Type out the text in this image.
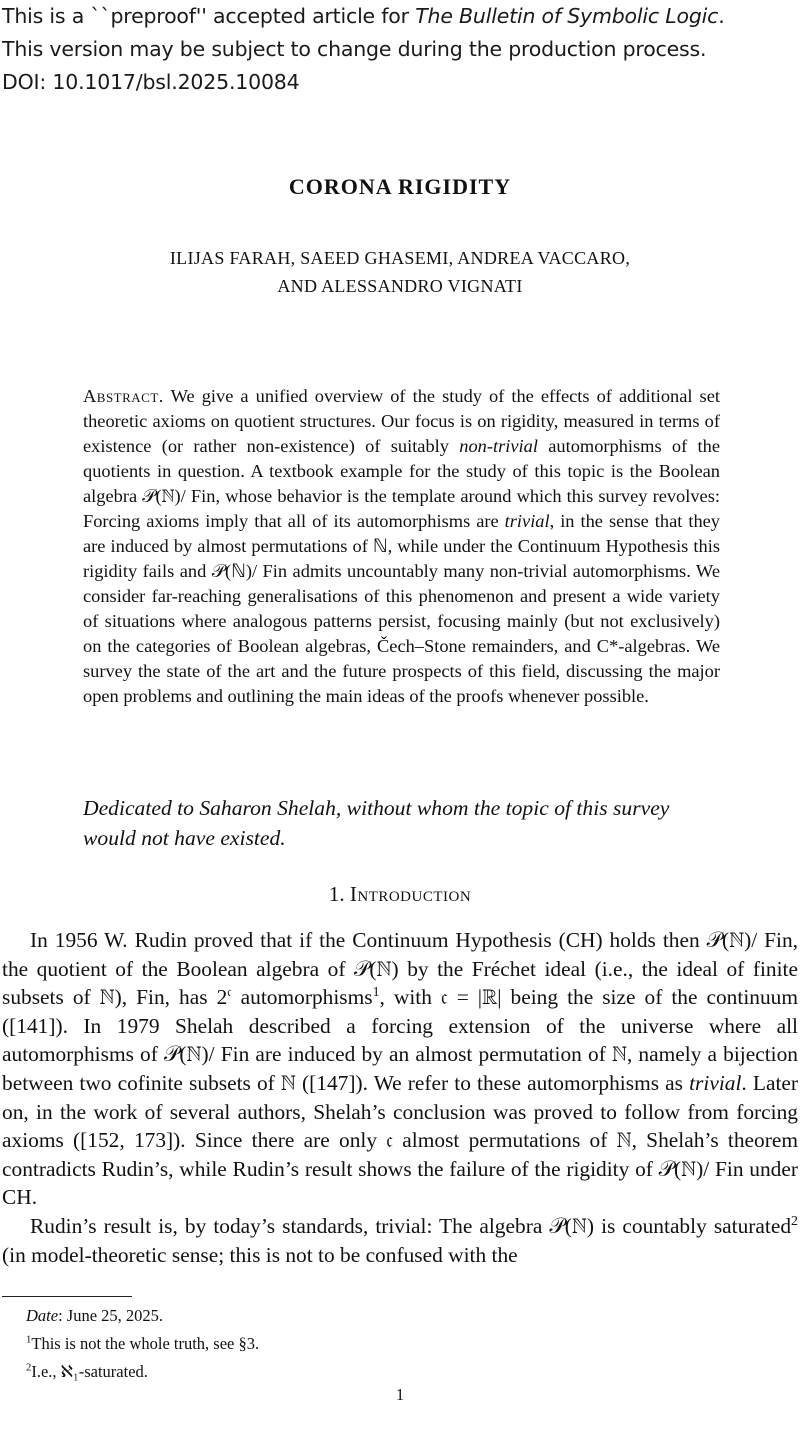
This is a ``preproof'' accepted article for The Bulletin of Symbolic Logic.
This version may be subject to change during the production process.
DOI: 10.1017/bsl.2025.10084
CORONA RIGIDITY
ILIJAS FARAH, SAEED GHASEMI, ANDREA VACCARO,
AND ALESSANDRO VIGNATI
Abstract. We give a unified overview of the study of the effects of additional set theoretic axioms on quotient structures. Our focus is on rigidity, measured in terms of existence (or rather non-existence) of suitably non-trivial automorphisms of the quotients in question. A textbook example for the study of this topic is the Boolean algebra 𝒫(ℕ)/ Fin, whose behavior is the template around which this survey revolves: Forcing axioms imply that all of its automorphisms are trivial, in the sense that they are induced by almost permutations of ℕ, while under the Continuum Hypothesis this rigidity fails and 𝒫(ℕ)/ Fin admits uncountably many non-trivial automorphisms. We consider far-reaching generalisations of this phenomenon and present a wide variety of situations where analogous patterns persist, focusing mainly (but not exclusively) on the categories of Boolean algebras, Čech–Stone remainders, and C*-algebras. We survey the state of the art and the future prospects of this field, discussing the major open problems and outlining the main ideas of the proofs whenever possible.
Dedicated to Saharon Shelah, without whom the topic of this survey would not have existed.
1. Introduction

In 1956 W. Rudin proved that if the Continuum Hypothesis (CH) holds then 𝒫(ℕ)/ Fin, the quotient of the Boolean algebra of 𝒫(ℕ) by the Fréchet ideal (i.e., the ideal of finite subsets of ℕ), Fin, has $2^𝔠$ automorphisms$^1$, with 𝔠 = |ℝ| being the size of the continuum ([141]). In 1979 Shelah described a forcing extension of the universe where all automorphisms of 𝒫(ℕ)/ Fin are induced by an almost permutation of ℕ, namely a bijection between two cofinite subsets of ℕ ([147]). We refer to these automorphisms as trivial. Later on, in the work of several authors, Shelah’s conclusion was proved to follow from forcing axioms ([152, 173]). Since there are only 𝔠 almost permutations of ℕ, Shelah’s theorem contradicts Rudin’s, while Rudin’s result shows the failure of the rigidity of 𝒫(ℕ)/ Fin under CH.

Rudin’s result is, by today’s standards, trivial: The algebra 𝒫(ℕ) is countably saturated$^2$ (in model-theoretic sense; this is not to be confused with the

Date: June 25, 2025.
$^1$This is not the whole truth, see §3.
$^2$I.e., ℵ₁-saturated.
1
